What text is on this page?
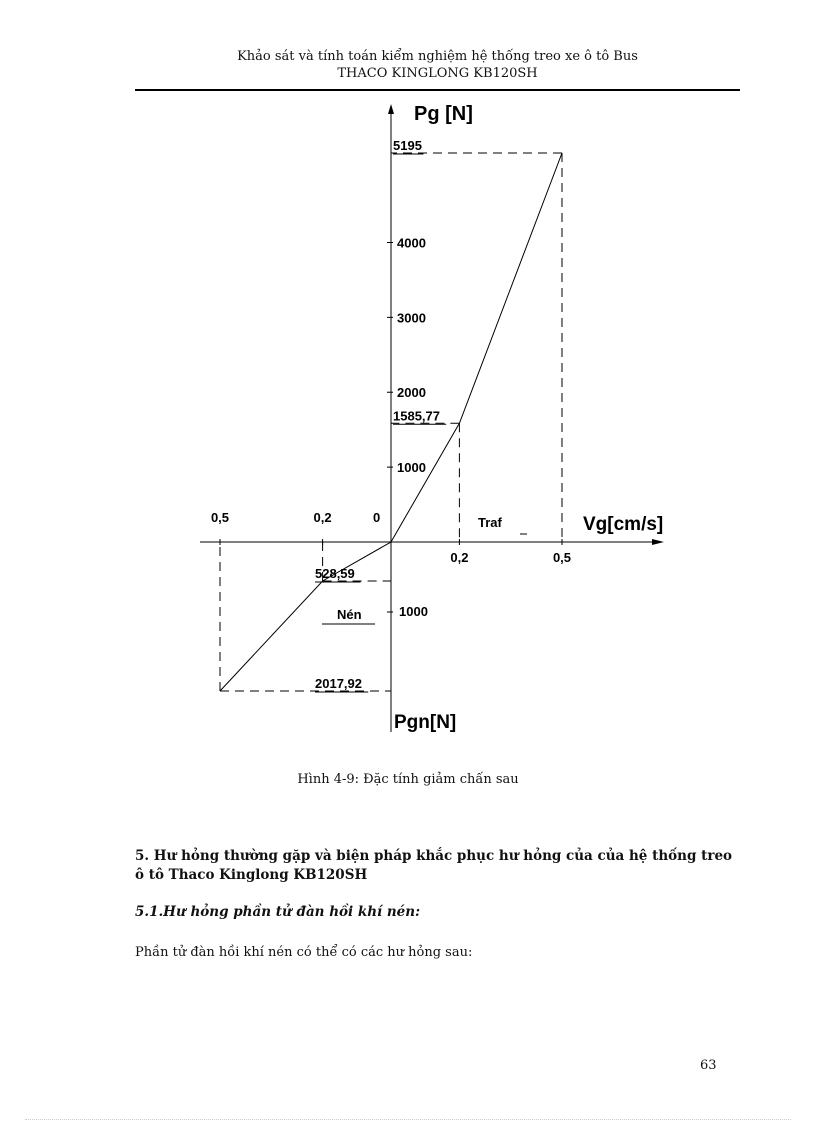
Khảo sát và tính toán kiểm nghiệm hệ thống treo xe ô tô Bus
THACO KINGLONG KB120SH
5195
1585,77
528,59
2017,92
1000
2000
3000
4000
1000
0,5	0,2	0
0,2	0,5
Pg [N]
Pgn[N]
Vg[cm/s]
Traf
Nén
Hình 4-9: Đặc tính giảm chấn sau
5. Hư hỏng thường gặp và biện pháp khắc phục hư hỏng của của hệ thống treo ô tô Thaco Kinglong KB120SH
5.1.Hư hỏng phần tử đàn hồi khí nén:
Phần tử đàn hồi khí nén có thể có các hư hỏng sau:
63
